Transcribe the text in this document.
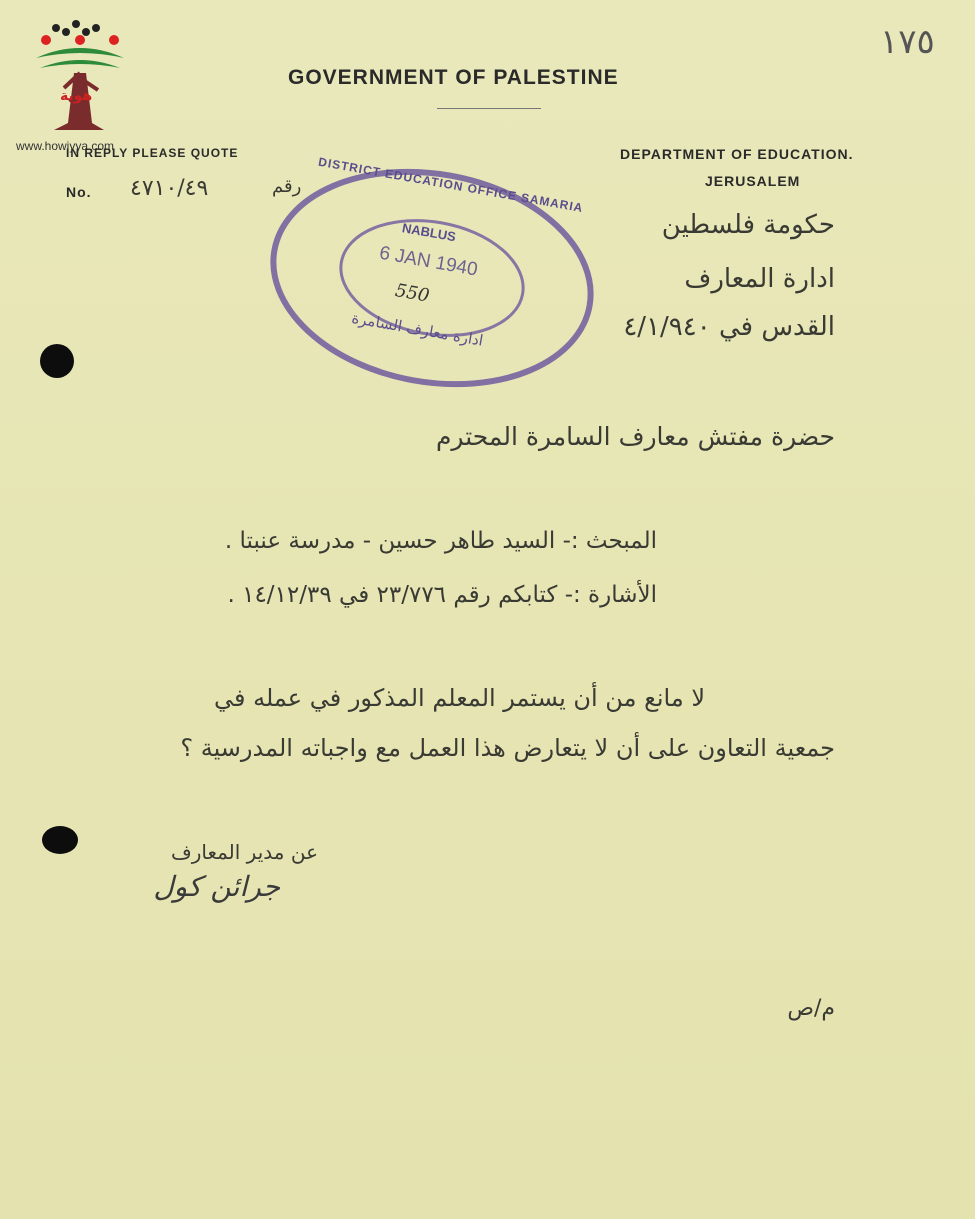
هوية
www.howiyya.com
١٧٥
GOVERNMENT OF PALESTINE
IN REPLY PLEASE QUOTE	DEPARTMENT OF EDUCATION.
JERUSALEM
No. ٤٧١٠/٤٩	رقم
حكومة فلسطين
ادارة المعارف
القدس في ٤/١/٩٤٠
DISTRICT EDUCATION OFFICE SAMARIA
NABLUS
6 JAN 1940
550
ادارة معارف السامرة
حضرة مفتش معارف السامرة المحترم
المبحث :- السيد طاهر حسين - مدرسة عنبتا .
الأشارة :- كتابكم رقم ٢٣/٧٧٦ في ١٤/١٢/٣٩ .
لا مانع من أن يستمر المعلم المذكور في عمله في
جمعية التعاون على أن لا يتعارض هذا العمل مع واجباته المدرسية ؟
عن مدير المعارف
جرائن كول
م/ص
